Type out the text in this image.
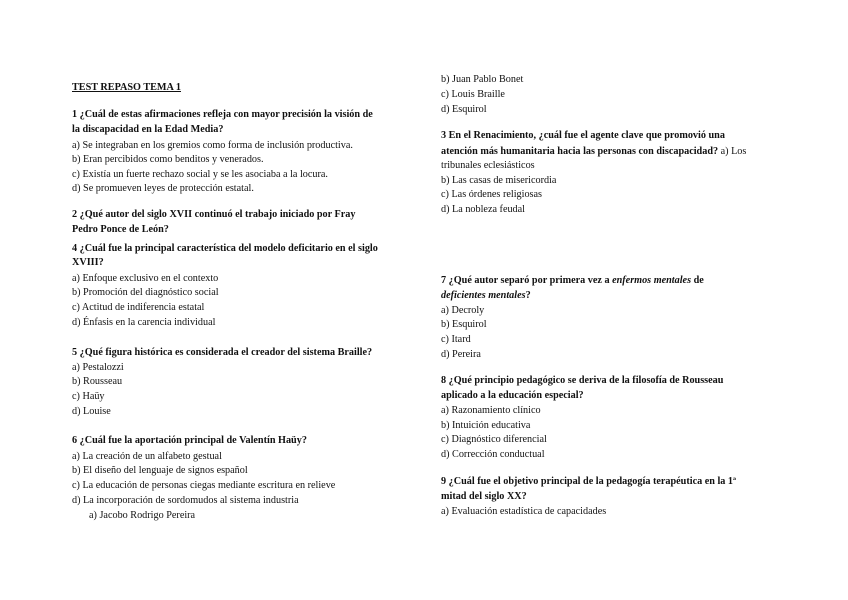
TEST REPASO TEMA 1
1 ¿Cuál de estas afirmaciones refleja con mayor precisión la visión de
la discapacidad en la Edad Media?
a) Se integraban en los gremios como forma de inclusión productiva.
b) Eran percibidos como benditos y venerados.
c) Existía un fuerte rechazo social y se les asociaba a la locura.
d) Se promueven leyes de protección estatal.
2 ¿Qué autor del siglo XVII continuó el trabajo iniciado por Fray
Pedro Ponce de León?
4 ¿Cuál fue la principal característica del modelo deficitario en el siglo
XVIII?
a) Enfoque exclusivo en el contexto
b) Promoción del diagnóstico social
c) Actitud de indiferencia estatal
d) Énfasis en la carencia individual
5 ¿Qué figura histórica es considerada el creador del sistema Braille?
a) Pestalozzi
b) Rousseau
c) Haüy
d) Louise
6 ¿Cuál fue la aportación principal de Valentín Haüy?
a) La creación de un alfabeto gestual
b) El diseño del lenguaje de signos español
c) La educación de personas ciegas mediante escritura en relieve
d) La incorporación de sordomudos al sistema industria
a) Jacobo Rodrigo Pereira
b) Juan Pablo Bonet
c) Louis Braille
d) Esquirol
3 En el Renacimiento, ¿cuál fue el agente clave que promovió una
atención más humanitaria hacia las personas con discapacidad? a) Los
tribunales eclesiásticos
b) Las casas de misericordia
c) Las órdenes religiosas
d) La nobleza feudal
7 ¿Qué autor separó por primera vez a enfermos mentales de
deficientes mentales?
a) Decroly
b) Esquirol
c) Itard
d) Pereira
8 ¿Qué principio pedagógico se deriva de la filosofía de Rousseau
aplicado a la educación especial?
a) Razonamiento clínico
b) Intuición educativa
c) Diagnóstico diferencial
d) Corrección conductual
9 ¿Cuál fue el objetivo principal de la pedagogía terapéutica en la 1ª
mitad del siglo XX?
a) Evaluación estadística de capacidades
